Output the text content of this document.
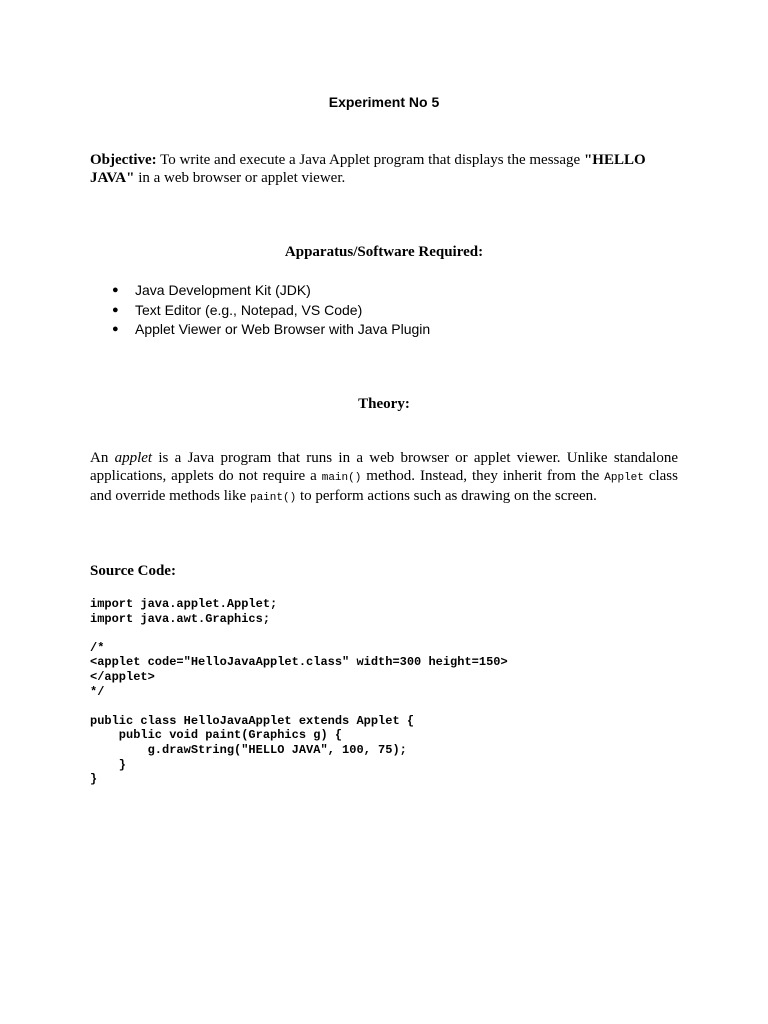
Experiment No 5

Objective: To write and execute a Java Applet program that displays the message "HELLO JAVA" in a web browser or applet viewer.

Apparatus/Software Required:
● Java Development Kit (JDK)
● Text Editor (e.g., Notepad, VS Code)
● Applet Viewer or Web Browser with Java Plugin
Theory:

An applet is a Java program that runs in a web browser or applet viewer. Unlike standalone applications, applets do not require a main() method. Instead, they inherit from the Applet class and override methods like paint() to perform actions such as drawing on the screen.

Source Code:
import java.applet.Applet;
import java.awt.Graphics;

/*
<applet code="HelloJavaApplet.class" width=300 height=150>
</applet>
*/

public class HelloJavaApplet extends Applet {
public void paint(Graphics g) {
g.drawString("HELLO JAVA", 100, 75);
}
}
